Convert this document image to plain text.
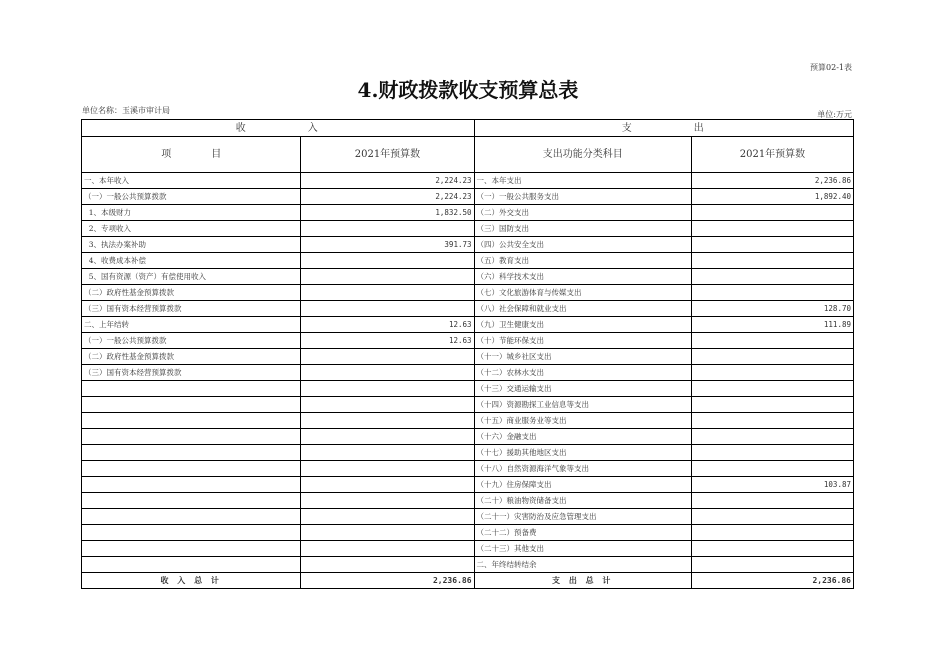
预算02-1表
4.财政拨款收支预算总表
单位名称：玉溪市审计局	单位:万元
收 入		支 出	
项 目	2021年预算数	支出功能分类科目	2021年预算数
一、本年收入	2,224.23	一、本年支出	2,236.86
（一）一般公共预算拨款	2,224.23	（一）一般公共服务支出	1,892.40
1、本级财力	1,832.50	（二）外交支出	
2、专项收入		（三）国防支出	
3、执法办案补助	391.73	（四）公共安全支出	
4、收费成本补偿		（五）教育支出	
5、国有资源（资产）有偿使用收入		（六）科学技术支出	
（二）政府性基金预算拨款		（七）文化旅游体育与传媒支出	
（三）国有资本经营预算拨款		（八）社会保障和就业支出	128.70
二、上年结转	12.63	（九）卫生健康支出	111.89
（一）一般公共预算拨款	12.63	（十）节能环保支出	
（二）政府性基金预算拨款		（十一）城乡社区支出	
（三）国有资本经营预算拨款		（十二）农林水支出	
		（十三）交通运输支出	
		（十四）资源勘探工业信息等支出	
		（十五）商业服务业等支出	
		（十六）金融支出	
		（十七）援助其他地区支出	
		（十八）自然资源海洋气象等支出	
		（十九）住房保障支出	103.87
		（二十）粮油物资储备支出	
		（二十一）灾害防治及应急管理支出	
		（二十二）预备费	
		（二十三）其他支出	
		二、年终结转结余	
收 入 总 计	2,236.86	支 出 总 计	2,236.86
